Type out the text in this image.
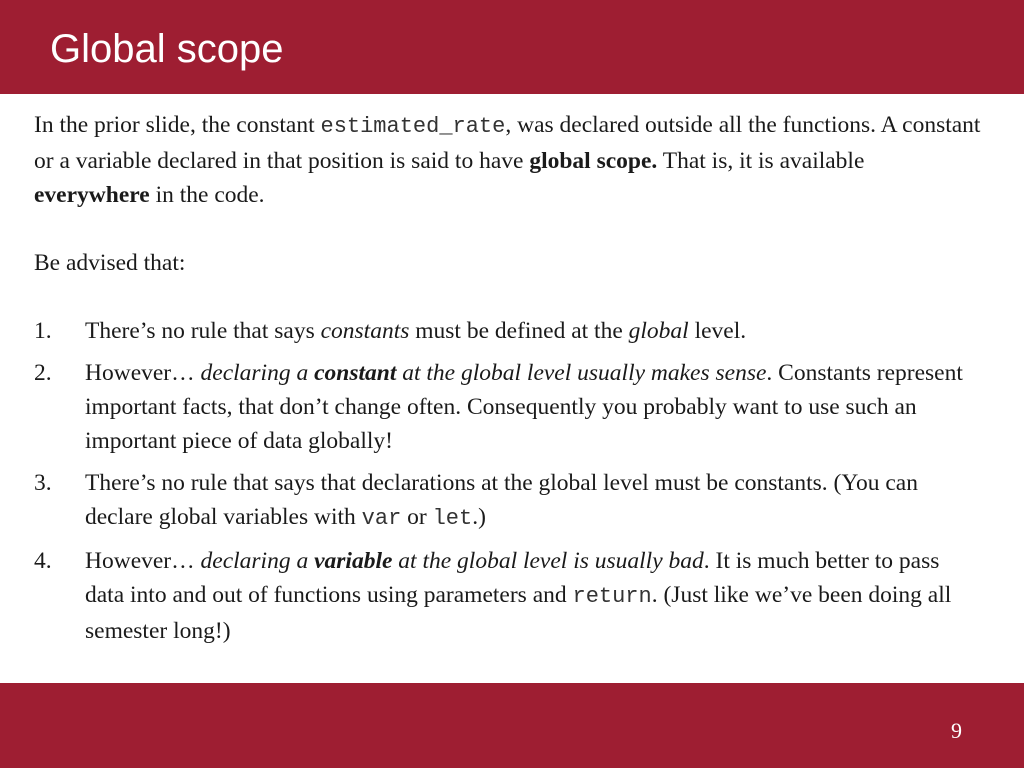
Global scope

In the prior slide, the constant estimated_rate, was declared outside all the functions. A constant or a variable declared in that position is said to have global scope. That is, it is available everywhere in the code.

Be advised that:

1. There’s no rule that says constants must be defined at the global level.
2. However… declaring a constant at the global level usually makes sense. Constants represent important facts, that don’t change often. Consequently you probably want to use such an important piece of data globally!
3. There’s no rule that says that declarations at the global level must be constants. (You can declare global variables with var or let.)
4. However… declaring a variable at the global level is usually bad. It is much better to pass data into and out of functions using parameters and return. (Just like we’ve been doing all semester long!)
9
